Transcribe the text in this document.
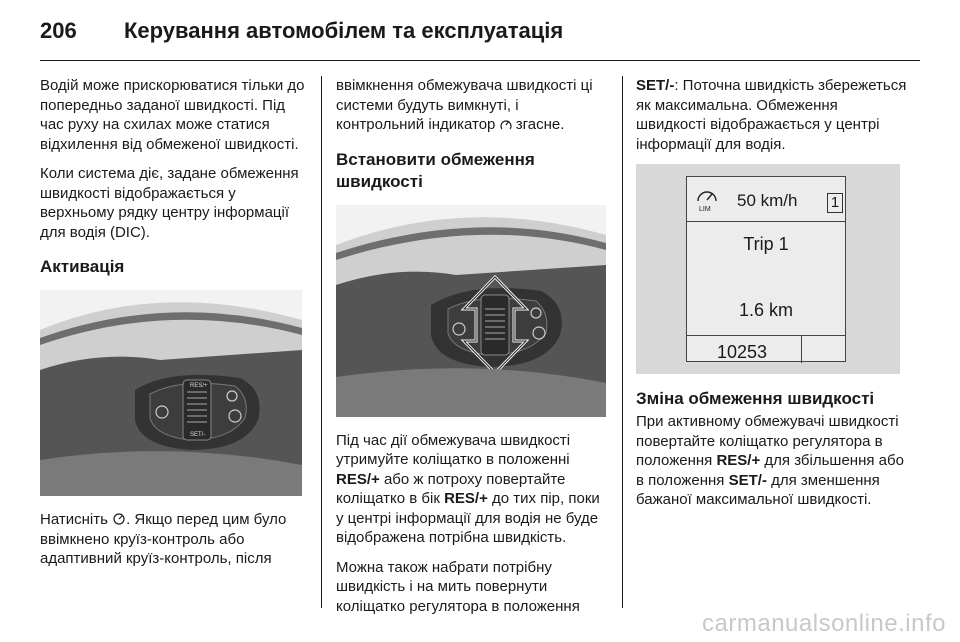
206 Керування автомобілем та експлуатація

Водій може прискорюватися тільки до попередньо заданої швидкості. Під час руху на схилах може статися відхилення від обмеженої швидкості.

Коли система діє, задане обмеження швидкості відображається у верхньому рядку центру інформації для водія (DIC).

Активація
RES/+
SET/-

Натисніть . Якщо перед цим було ввімкнено круїз-контроль або адаптивний круїз-контроль, після

ввімкнення обмежувача швидкості ці системи будуть вимкнуті, і контрольний індикатор  згасне.

Встановити обмеження швидкості

Під час дії обмежувача швидкості утримуйте коліщатко в положенні RES/+ або ж потроху повертайте коліщатко в бік RES/+ до тих пір, поки у центрі інформації для водія не буде відображена потрібна швидкість.

Можна також набрати потрібну швидкість і на мить повернути коліщатко регулятора в положення

SET/-: Поточна швидкість збережеться як максимальна. Обмеження швидкості відображається у центрі інформації для водія.

LIM 50 km/h 1
Trip 1
1.6 km
10253
Зміна обмеження швидкості

При активному обмежувачі швидкості повертайте коліщатко регулятора в положення RES/+ для збільшення або в положення SET/- для зменшення бажаної максимальної швидкості.

carmanualsonline.info
